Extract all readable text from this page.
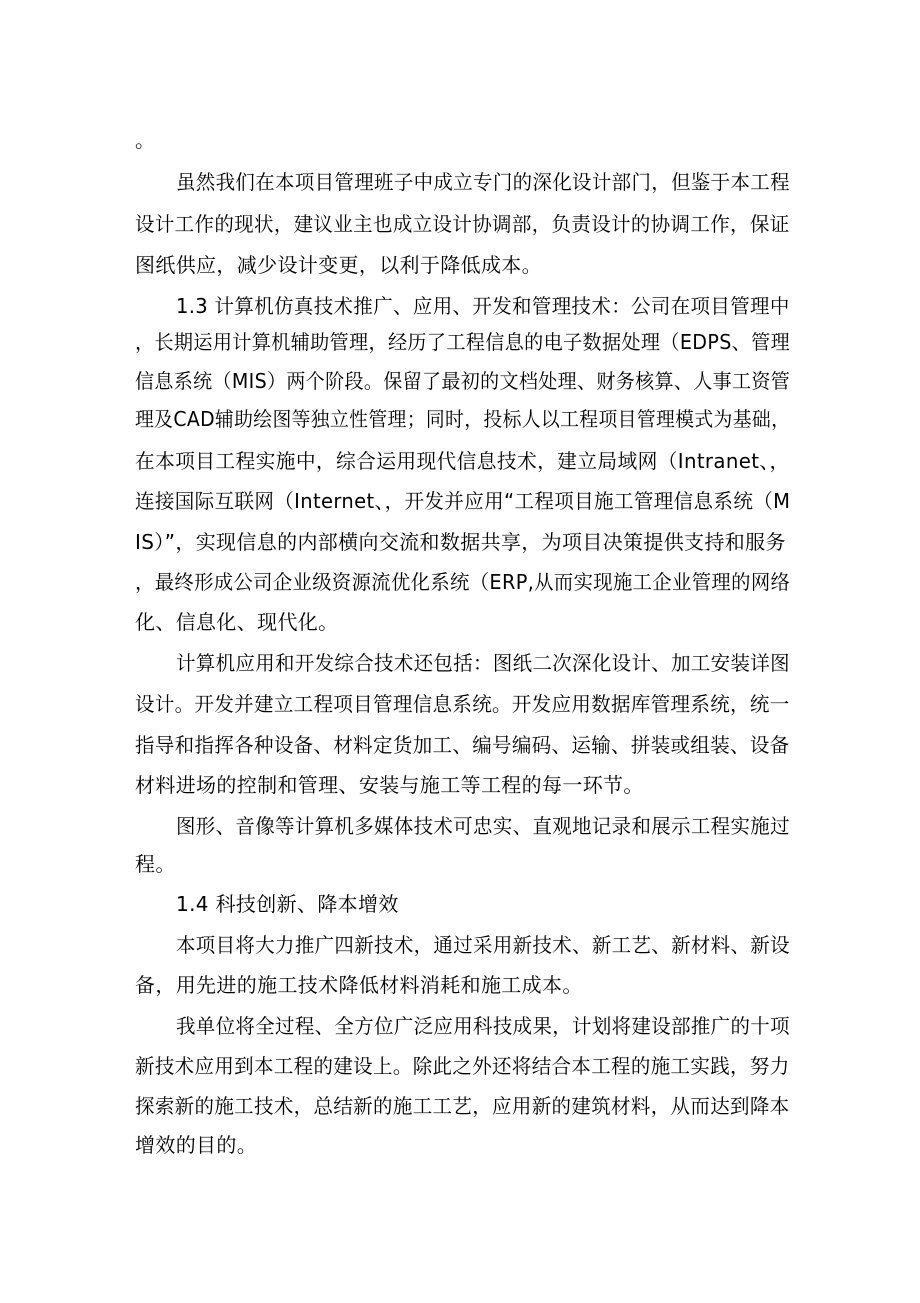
。
虽然我们在本项目管理班子中成立专门的深化设计部门，但鉴于本工程
设计工作的现状，建议业主也成立设计协调部，负责设计的协调工作，保证
图纸供应，减少设计变更，以利于降低成本。
1.3 计算机仿真技术推广、应用、开发和管理技术：公司在项目管理中
，长期运用计算机辅助管理，经历了工程信息的电子数据处理（EDPS、管理
信息系统（MIS）两个阶段。保留了最初的文档处理、财务核算、人事工资管
理及CAD辅助绘图等独立性管理；同时，投标人以工程项目管理模式为基础，
在本项目工程实施中，综合运用现代信息技术，建立局域网（Intranet、，
连接国际互联网（Internet、，开发并应用“工程项目施工管理信息系统（M
IS）”，实现信息的内部横向交流和数据共享，为项目决策提供支持和服务
，最终形成公司企业级资源流优化系统（ERP,从而实现施工企业管理的网络
化、信息化、现代化。
计算机应用和开发综合技术还包括：图纸二次深化设计、加工安装详图
设计。开发并建立工程项目管理信息系统。开发应用数据库管理系统，统一
指导和指挥各种设备、材料定货加工、编号编码、运输、拼装或组装、设备
材料进场的控制和管理、安装与施工等工程的每一环节。
图形、音像等计算机多媒体技术可忠实、直观地记录和展示工程实施过
程。
1.4 科技创新、降本增效
本项目将大力推广四新技术，通过采用新技术、新工艺、新材料、新设
备，用先进的施工技术降低材料消耗和施工成本。
我单位将全过程、全方位广泛应用科技成果，计划将建设部推广的十项
新技术应用到本工程的建设上。除此之外还将结合本工程的施工实践，努力
探索新的施工技术，总结新的施工工艺，应用新的建筑材料，从而达到降本
增效的目的。
